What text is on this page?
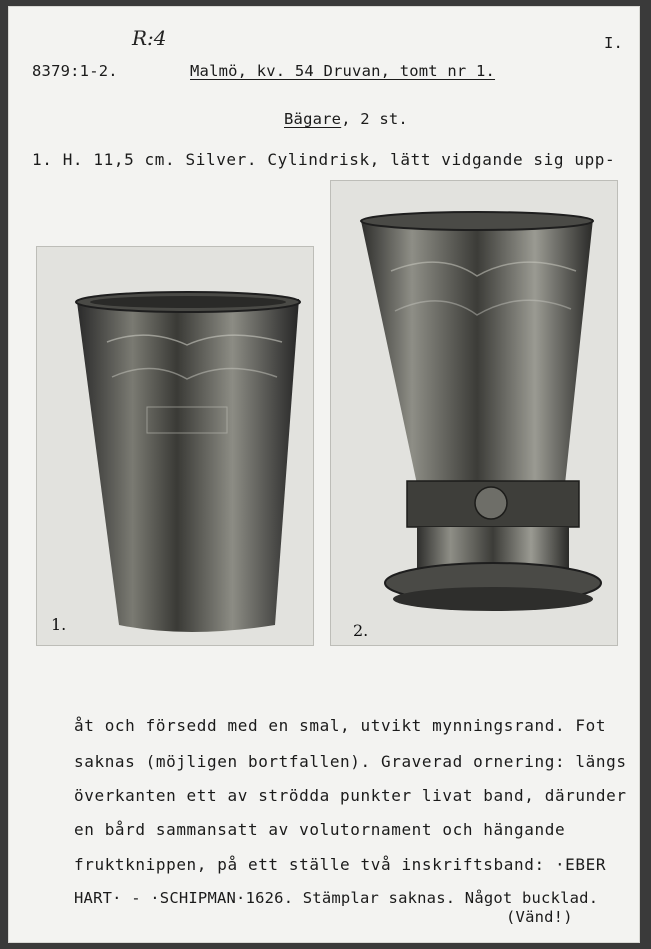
R:4	I.
8379:1-2.	Malmö, kv. 54 Druvan, tomt nr 1.
Bägare, 2 st.
1. H. 11,5 cm. Silver. Cylindrisk, lätt vidgande sig upp-
1.	2.
åt och försedd med en smal, utvikt mynningsrand. Fot
saknas (möjligen bortfallen). Graverad ornering: längs
överkanten ett av strödda punkter livat band, därunder
en bård sammansatt av volutornament och hängande
fruktknippen, på ett ställe två inskriftsband: ·EBER
HART· - ·SCHIPMAN·1626. Stämplar saknas. Något bucklad.
(Vänd!)
